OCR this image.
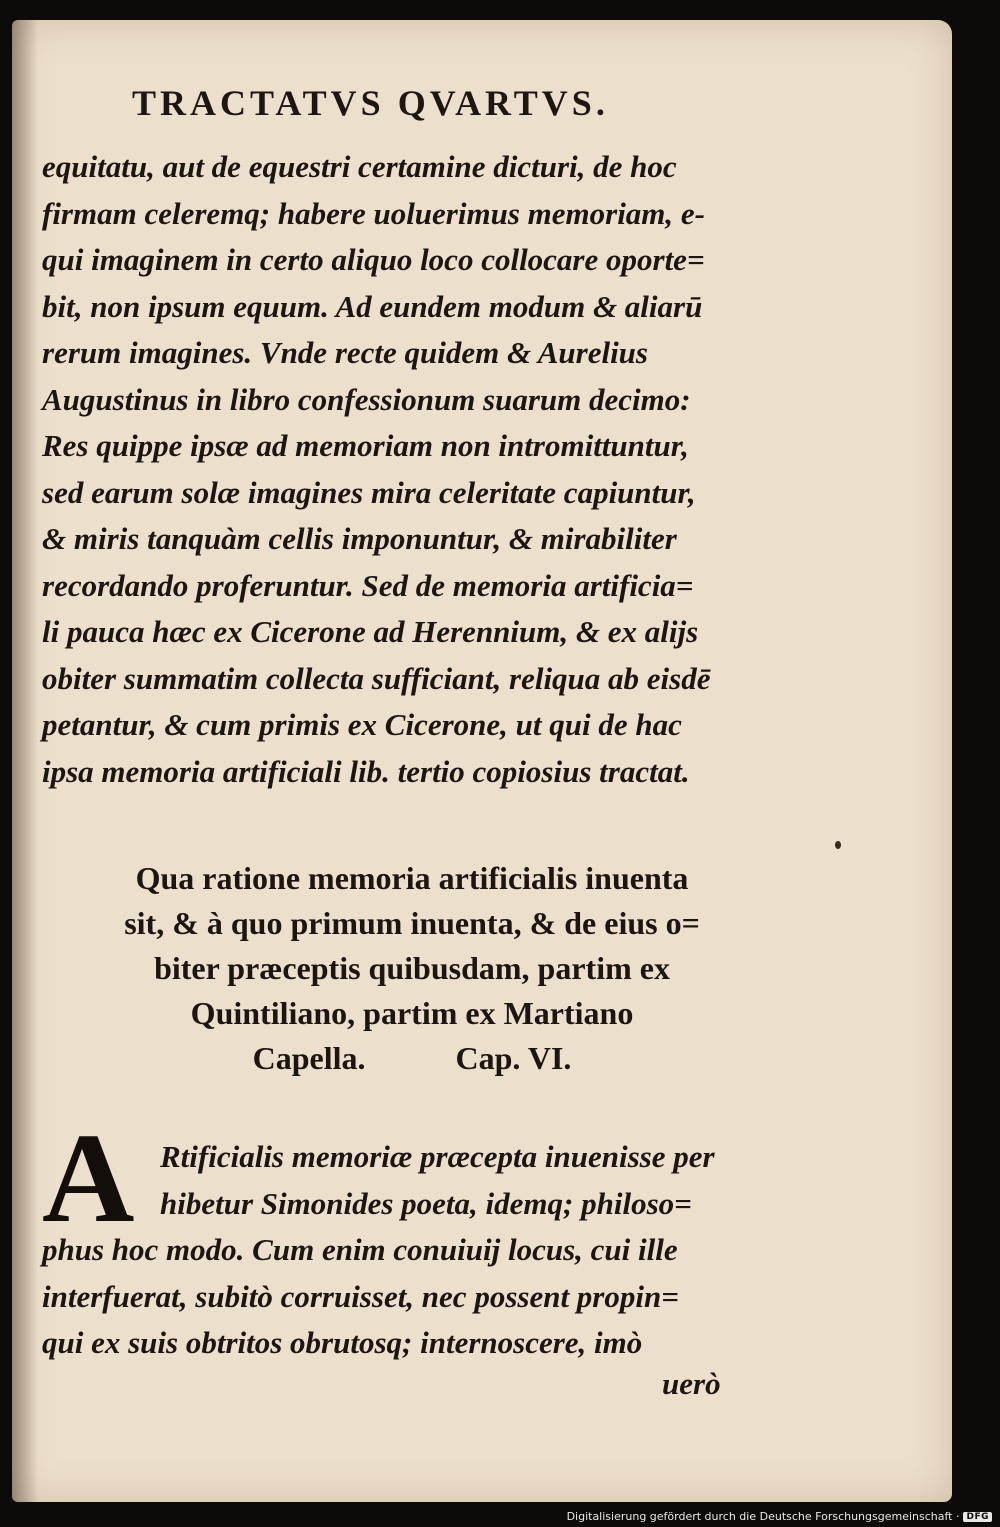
TRACTATVS QVARTVS.
equitatu, aut de equestri certamine dicturi, de hoc
firmam celeremq; habere uoluerimus memoriam, e-
qui imaginem in certo aliquo loco collocare oporte=
bit, non ipsum equum. Ad eundem modum & aliarū
rerum imagines. Vnde recte quidem & Aurelius
Augustinus in libro confessionum suarum decimo:
Res quippe ipsæ ad memoriam non intromittuntur,
sed earum solæ imagines mira celeritate capiuntur,
& miris tanquàm cellis imponuntur, & mirabiliter
recordando proferuntur. Sed de memoria artificia=
li pauca hæc ex Cicerone ad Herennium, & ex alijs
obiter summatim collecta sufficiant, reliqua ab eisdē
petantur, & cum primis ex Cicerone, ut qui de hac
ipsa memoria artificiali lib. tertio copiosius tractat.
Qua ratione memoria artificialis inuenta
sit, & à quo primum inuenta, & de eius o=
biter præceptis quibusdam, partim ex
Quintiliano, partim ex Martiano
Capella.	Cap. VI.
A Rtificialis memoriæ præcepta inuenisse per
hibetur Simonides poeta, idemq; philoso=
phus hoc modo. Cum enim conuiuij locus, cui ille
interfuerat, subitò corruisset, nec possent propin=
qui ex suis obtritos obrutosq; internoscere, imò
uerò
Digitalisierung gefördert durch die Deutsche Forschungsgemeinschaft · DFG
